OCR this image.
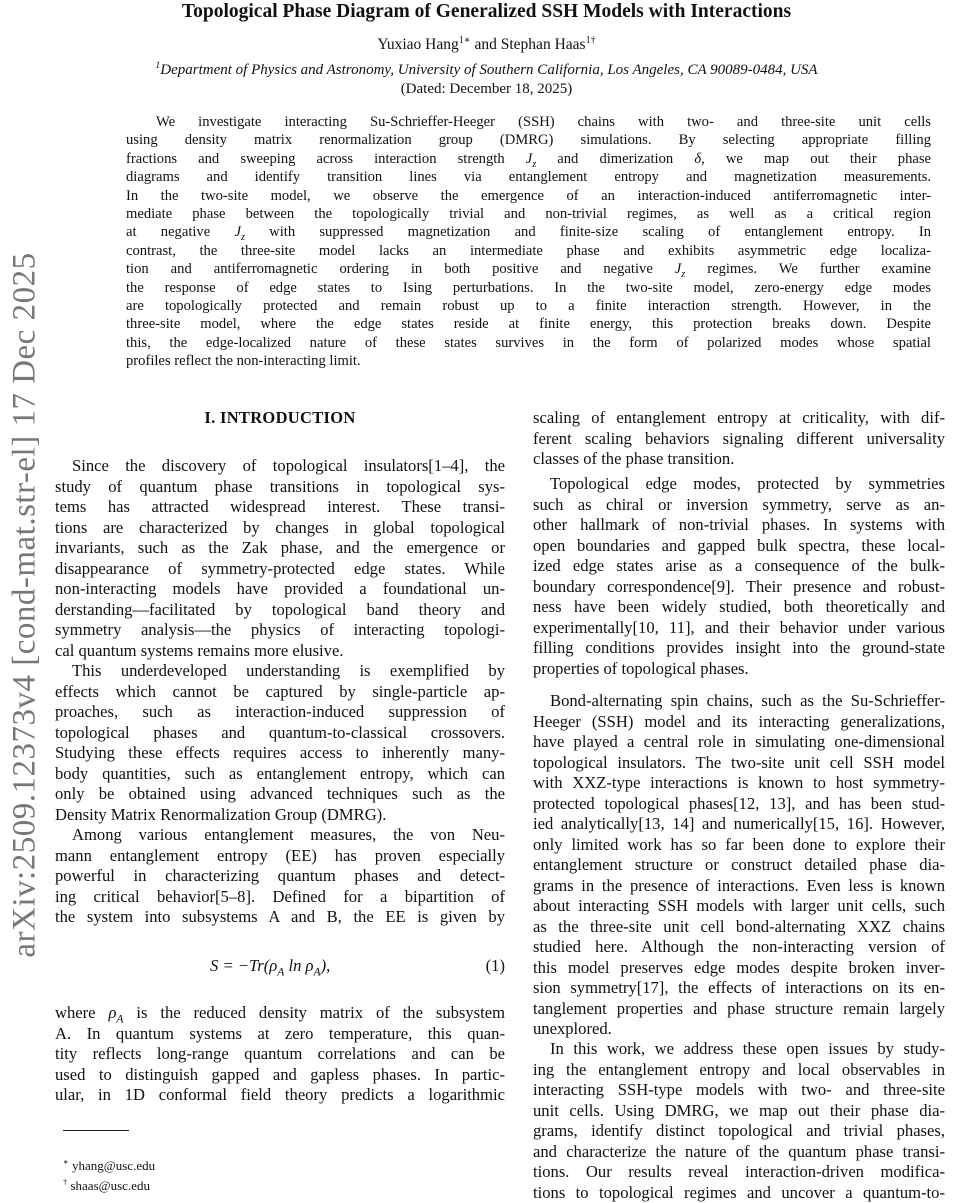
arXiv:2509.12373v4 [cond-mat.str-el] 17 Dec 2025
Topological Phase Diagram of Generalized SSH Models with Interactions
Yuxiao Hang$^{1∗}$ and Stephan Haas$^{1\dagger}$
$^1$Department of Physics and Astronomy, University of Southern California, Los Angeles, CA 90089-0484, USA
(Dated: December 18, 2025)
We investigate interacting Su-Schrieffer-Heeger (SSH) chains with two- and three-site unit cells
using density matrix renormalization group (DMRG) simulations. By selecting appropriate filling
fractions and sweeping across interaction strength $J_z$ and dimerization δ, we map out their phase
diagrams and identify transition lines via entanglement entropy and magnetization measurements.
In the two-site model, we observe the emergence of an interaction-induced antiferromagnetic inter-
mediate phase between the topologically trivial and non-trivial regimes, as well as a critical region
at negative $J_z$ with suppressed magnetization and finite-size scaling of entanglement entropy. In
contrast, the three-site model lacks an intermediate phase and exhibits asymmetric edge localiza-
tion and antiferromagnetic ordering in both positive and negative $J_z$ regimes. We further examine
the response of edge states to Ising perturbations. In the two-site model, zero-energy edge modes
are topologically protected and remain robust up to a finite interaction strength. However, in the
three-site model, where the edge states reside at finite energy, this protection breaks down. Despite
this, the edge-localized nature of these states survives in the form of polarized modes whose spatial
profiles reflect the non-interacting limit.
I. INTRODUCTION
Since the discovery of topological insulators[1–4], the
study of quantum phase transitions in topological sys-
tems has attracted widespread interest. These transi-
tions are characterized by changes in global topological
invariants, such as the Zak phase, and the emergence or
disappearance of symmetry-protected edge states. While
non-interacting models have provided a foundational un-
derstanding—facilitated by topological band theory and
symmetry analysis—the physics of interacting topologi-
cal quantum systems remains more elusive.
This underdeveloped understanding is exemplified by
effects which cannot be captured by single-particle ap-
proaches, such as interaction-induced suppression of
topological phases and quantum-to-classical crossovers.
Studying these effects requires access to inherently many-
body quantities, such as entanglement entropy, which can
only be obtained using advanced techniques such as the
Density Matrix Renormalization Group (DMRG).
Among various entanglement measures, the von Neu-
mann entanglement entropy (EE) has proven especially
powerful in characterizing quantum phases and detect-
ing critical behavior[5–8]. Defined for a bipartition of
the system into subsystems A and B, the EE is given by
$S = -Tr(\rho_A$ $\ln \rho_A$),	(1)
where $\rho_A$ is the reduced density matrix of the subsystem
A. In quantum systems at zero temperature, this quan-
tity reflects long-range quantum correlations and can be
used to distinguish gapped and gapless phases. In partic-
ular, in 1D conformal field theory predicts a logarithmic
∗ yhang@usc.edu
† shaas@usc.edu
scaling of entanglement entropy at criticality, with dif-
ferent scaling behaviors signaling different universality
classes of the phase transition.
Topological edge modes, protected by symmetries
such as chiral or inversion symmetry, serve as an-
other hallmark of non-trivial phases. In systems with
open boundaries and gapped bulk spectra, these local-
ized edge states arise as a consequence of the bulk-
boundary correspondence[9]. Their presence and robust-
ness have been widely studied, both theoretically and
experimentally[10, 11], and their behavior under various
filling conditions provides insight into the ground-state
properties of topological phases.
Bond-alternating spin chains, such as the Su-Schrieffer-
Heeger (SSH) model and its interacting generalizations,
have played a central role in simulating one-dimensional
topological insulators. The two-site unit cell SSH model
with XXZ-type interactions is known to host symmetry-
protected topological phases[12, 13], and has been stud-
ied analytically[13, 14] and numerically[15, 16]. However,
only limited work has so far been done to explore their
entanglement structure or construct detailed phase dia-
grams in the presence of interactions. Even less is known
about interacting SSH models with larger unit cells, such
as the three-site unit cell bond-alternating XXZ chains
studied here. Although the non-interacting version of
this model preserves edge modes despite broken inver-
sion symmetry[17], the effects of interactions on its en-
tanglement properties and phase structure remain largely
unexplored.
In this work, we address these open issues by study-
ing the entanglement entropy and local observables in
interacting SSH-type models with two- and three-site
unit cells. Using DMRG, we map out their phase dia-
grams, identify distinct topological and trivial phases,
and characterize the nature of the quantum phase transi-
tions. Our results reveal interaction-driven modifica-
tions to topological regimes and uncover a quantum-to-
